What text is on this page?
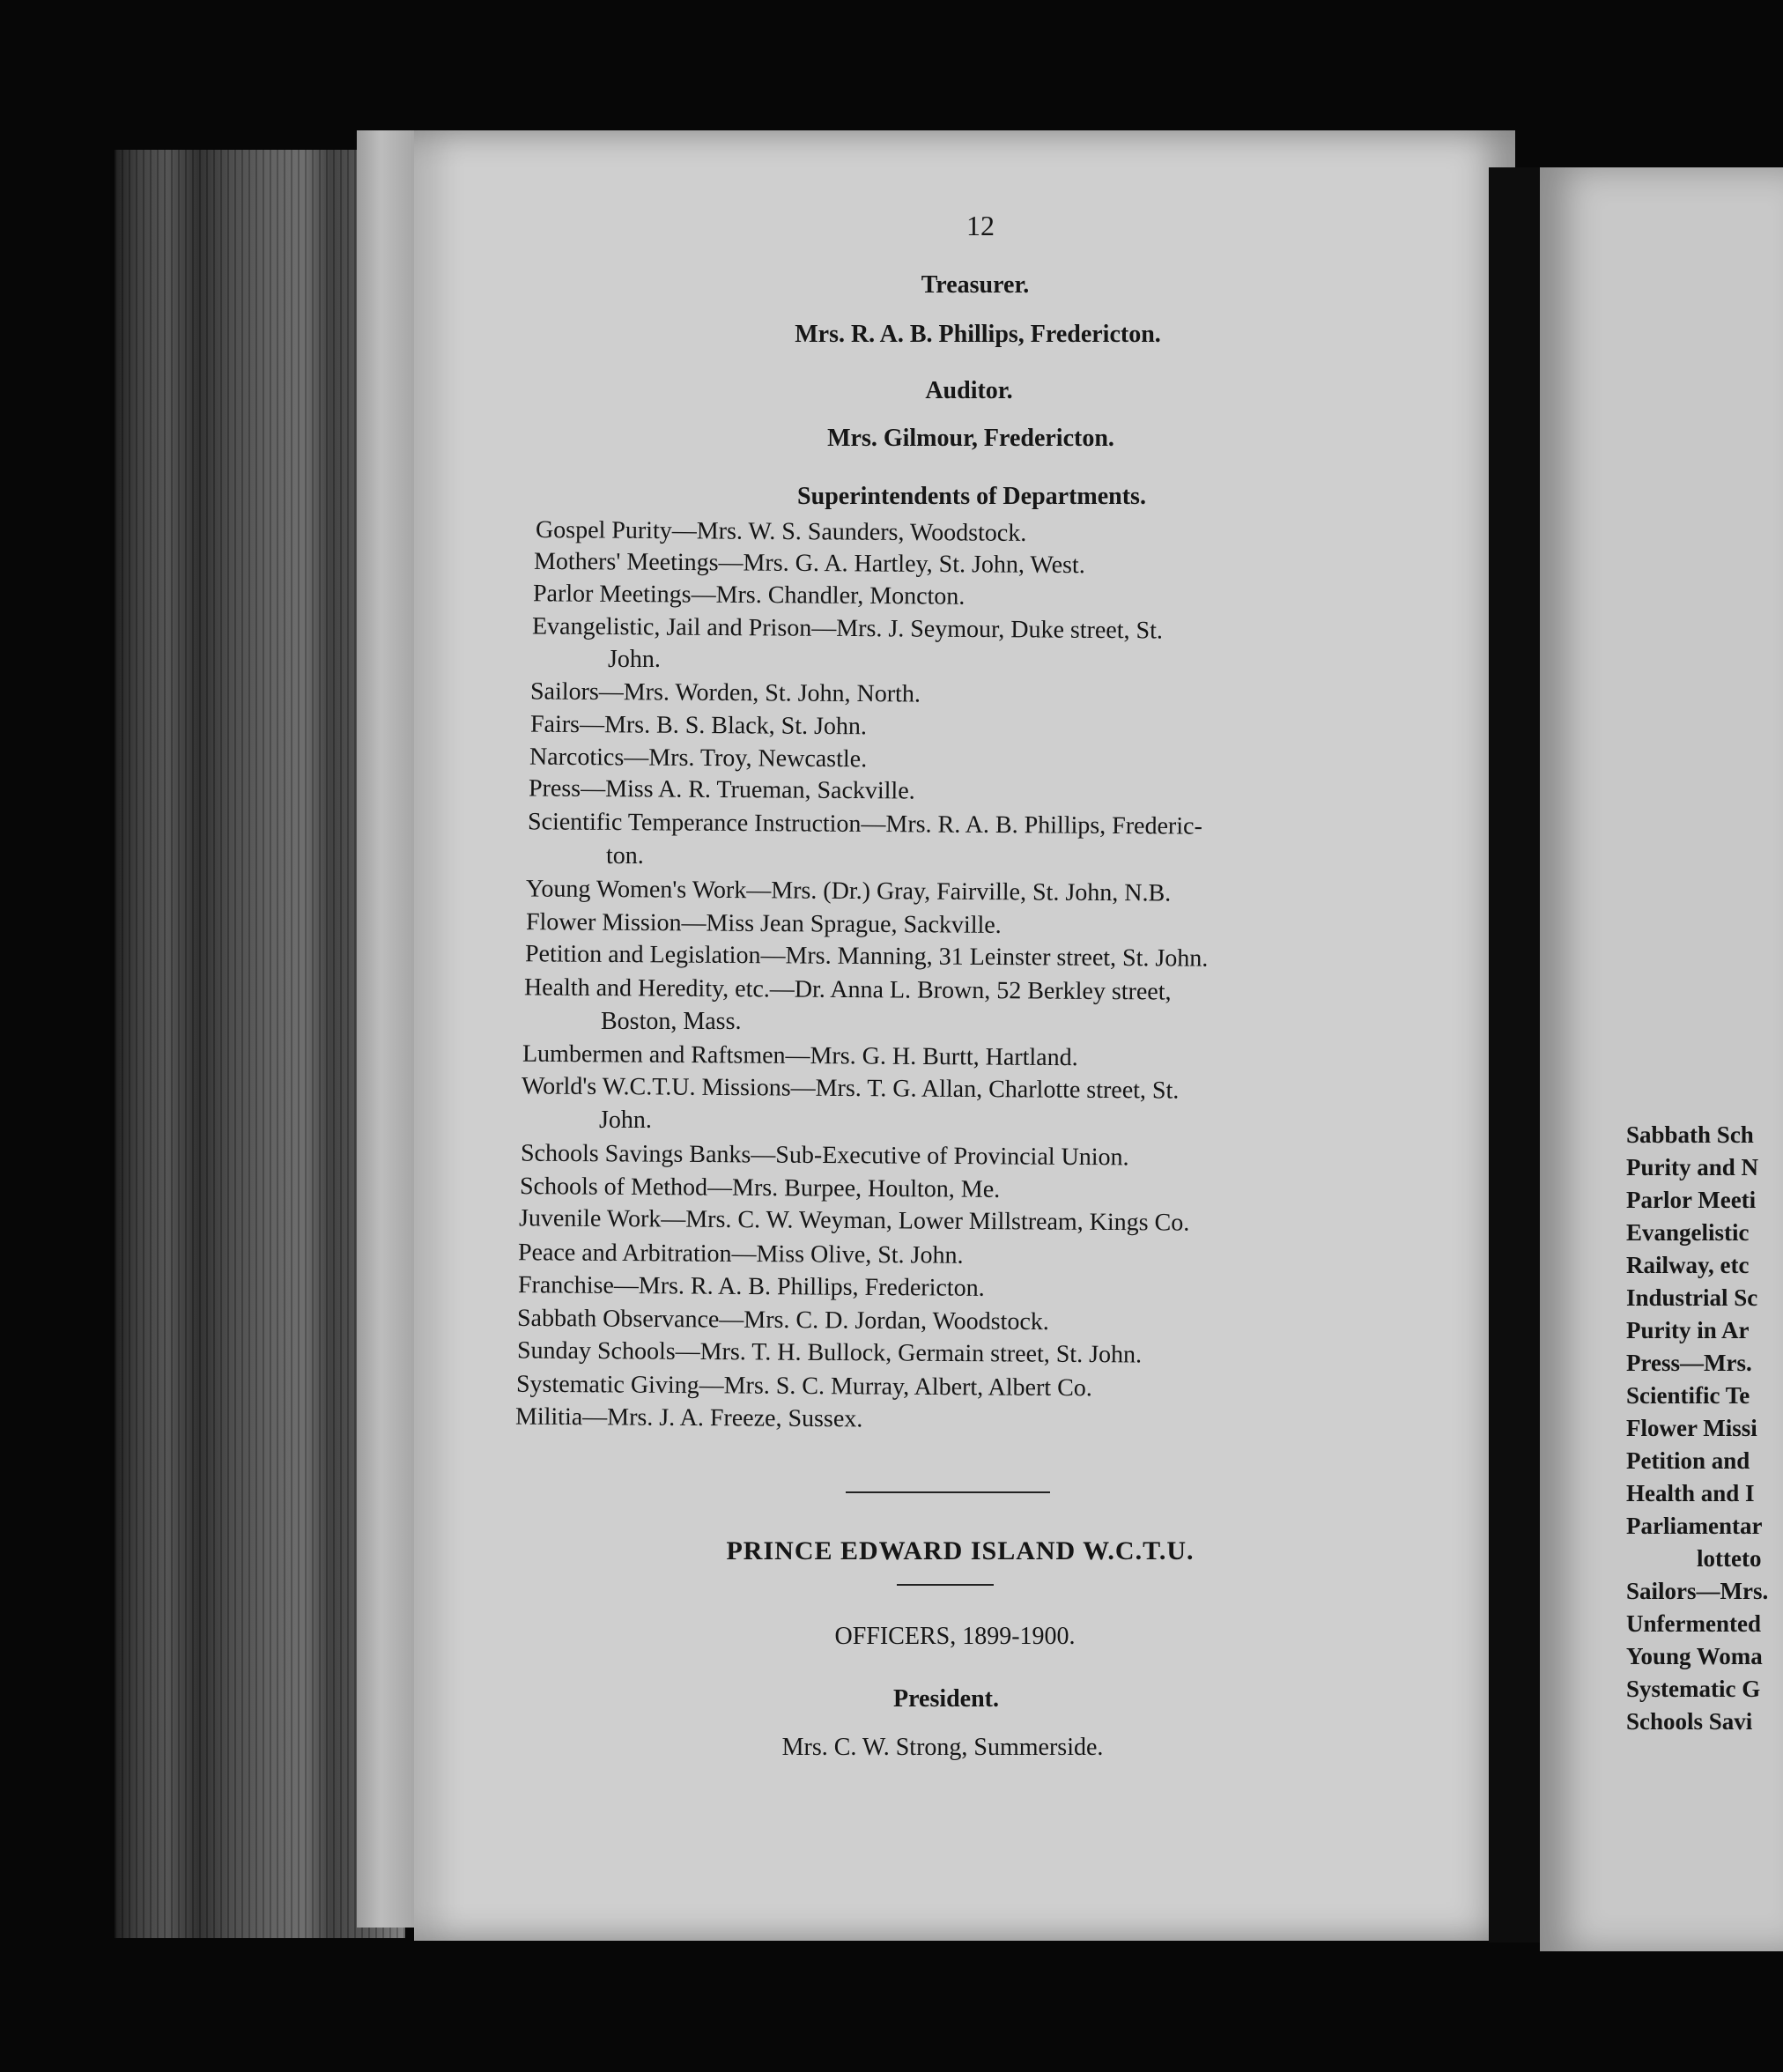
12
Treasurer.
Mrs. R. A. B. Phillips, Fredericton.
Auditor.
Mrs. Gilmour, Fredericton.
Superintendents of Departments.
Gospel Purity—Mrs. W. S. Saunders, Woodstock.
Mothers' Meetings—Mrs. G. A. Hartley, St. John, West.
Parlor Meetings—Mrs. Chandler, Moncton.
Evangelistic, Jail and Prison—Mrs. J. Seymour, Duke street, St.
John.
Sailors—Mrs. Worden, St. John, North.
Fairs—Mrs. B. S. Black, St. John.
Narcotics—Mrs. Troy, Newcastle.
Press—Miss A. R. Trueman, Sackville.
Scientific Temperance Instruction—Mrs. R. A. B. Phillips, Frederic-
ton.
Young Women's Work—Mrs. (Dr.) Gray, Fairville, St. John, N.B.
Flower Mission—Miss Jean Sprague, Sackville.
Petition and Legislation—Mrs. Manning, 31 Leinster street, St. John.
Health and Heredity, etc.—Dr. Anna L. Brown, 52 Berkley street,
Boston, Mass.
Lumbermen and Raftsmen—Mrs. G. H. Burtt, Hartland.
World's W.C.T.U. Missions—Mrs. T. G. Allan, Charlotte street, St.
John.
Schools Savings Banks—Sub-Executive of Provincial Union.
Schools of Method—Mrs. Burpee, Houlton, Me.
Juvenile Work—Mrs. C. W. Weyman, Lower Millstream, Kings Co.
Peace and Arbitration—Miss Olive, St. John.
Franchise—Mrs. R. A. B. Phillips, Fredericton.
Sabbath Observance—Mrs. C. D. Jordan, Woodstock.
Sunday Schools—Mrs. T. H. Bullock, Germain street, St. John.
Systematic Giving—Mrs. S. C. Murray, Albert, Albert Co.
Militia—Mrs. J. A. Freeze, Sussex.
PRINCE EDWARD ISLAND W.C.T.U.
OFFICERS, 1899-1900.
President.
Mrs. C. W. Strong, Summerside.
Sabbath Sch
Purity and N
Parlor Meeti
Evangelistic
Railway, etc
Industrial Sc
Purity in Ar
Press—Mrs.
Scientific Te
Flower Missi
Petition and
Health and I
Parliamentar
lotteto
Sailors—Mrs.
Unfermented
Young Woma
Systematic G
Schools Savi
